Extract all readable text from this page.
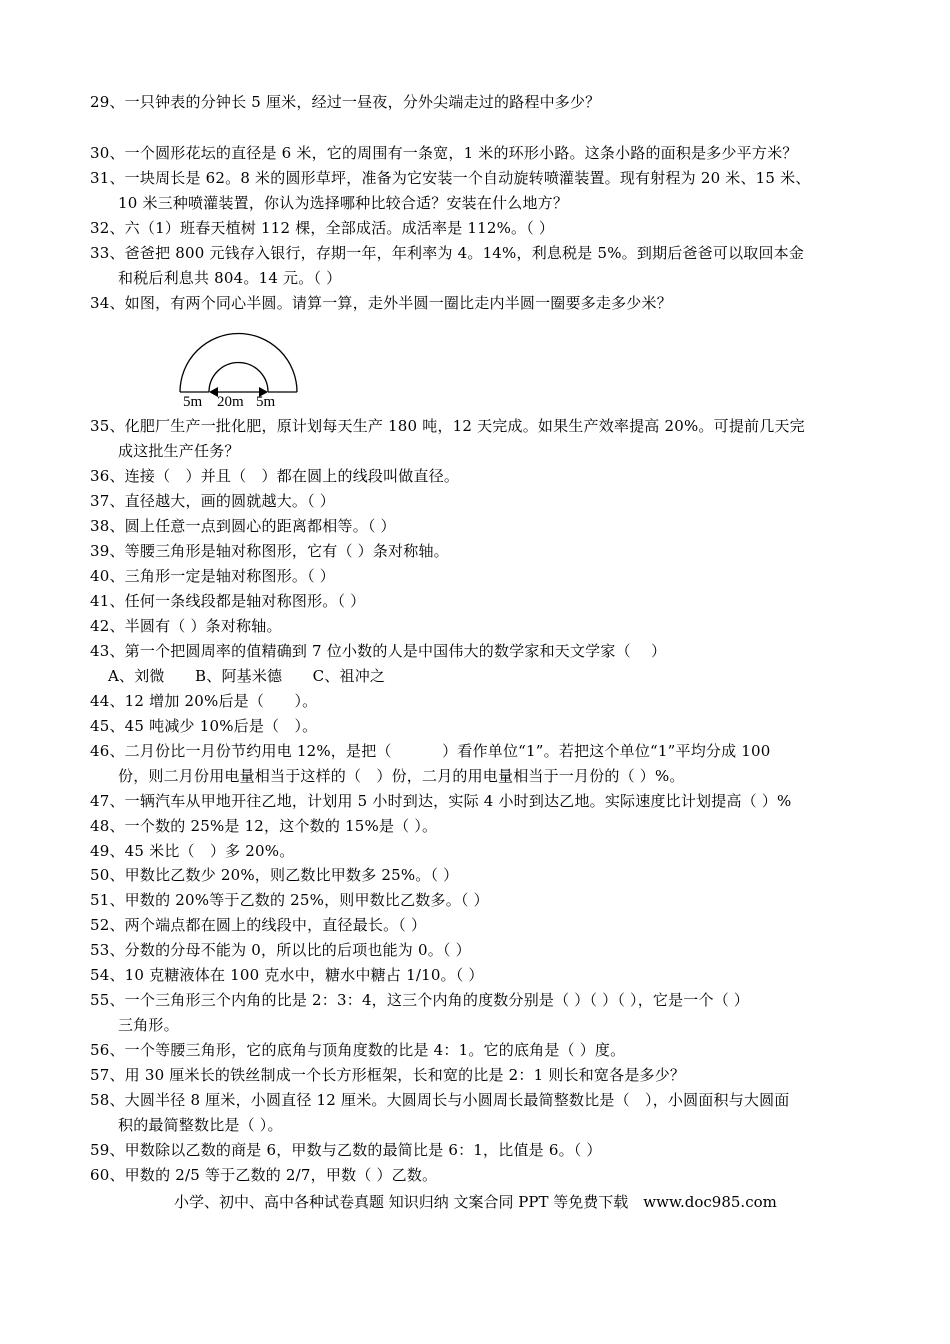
29、一只钟表的分钟长 5 厘米，经过一昼夜，分外尖端走过的路程中多少？
30、一个圆形花坛的直径是 6 米，它的周围有一条宽，1 米的环形小路。这条小路的面积是多少平方米？
31、一块周长是 62。8 米的圆形草坪，准备为它安装一个自动旋转喷灌装置。现有射程为 20 米、15 米、
10 米三种喷灌装置，你认为选择哪种比较合适？安装在什么地方？
32、六（1）班春天植树 112 棵，全部成活。成活率是 112%。（ ）
33、爸爸把 800 元钱存入银行，存期一年，年利率为 4。14%，利息税是 5%。到期后爸爸可以取回本金
和税后利息共 804。14 元。（ ）
34、如图，有两个同心半圆。请算一算，走外半圆一圈比走内半圆一圈要多走多少米？
5m 20m 5m
35、化肥厂生产一批化肥，原计划每天生产 180 吨，12 天完成。如果生产效率提高 20%。可提前几天完
成这批生产任务？
36、连接（　）并且（　）都在圆上的线段叫做直径。
37、直径越大，画的圆就越大。（ ）
38、圆上任意一点到圆心的距离都相等。（ ）
39、等腰三角形是轴对称图形，它有（ ）条对称轴。
40、三角形一定是轴对称图形。（ ）
41、任何一条线段都是轴对称图形。（ ）
42、半圆有（ ）条对称轴。
43、第一个把圆周率的值精确到 7 位小数的人是中国伟大的数学家和天文学家（　 ）
A、刘微　　B、阿基米德　　C、祖冲之
44、12 增加 20%后是（　　）。
45、45 吨减少 10%后是（　）。
46、二月份比一月份节约用电 12%，是把（　　　 ）看作单位“1”。若把这个单位“1”平均分成 100
份，则二月份用电量相当于这样的（　）份，二月的用电量相当于一月份的（ ）%。
47、一辆汽车从甲地开往乙地，计划用 5 小时到达，实际 4 小时到达乙地。实际速度比计划提高（ ）%
48、一个数的 25%是 12，这个数的 15%是（ ）。
49、45 米比（　）多 20%。
50、甲数比乙数少 20%，则乙数比甲数多 25%。（ ）
51、甲数的 20%等于乙数的 25%，则甲数比乙数多。（ ）
52、两个端点都在圆上的线段中，直径最长。（ ）
53、分数的分母不能为 0，所以比的后项也能为 0。（ ）
54、10 克糖液体在 100 克水中，糖水中糖占 1/10。（ ）
55、一个三角形三个内角的比是 2：3：4，这三个内角的度数分别是（ ）（ ）（ ），它是一个（ ）
三角形。
56、一个等腰三角形，它的底角与顶角度数的比是 4：1。它的底角是（ ）度。
57、用 30 厘米长的铁丝制成一个长方形框架，长和宽的比是 2：1 则长和宽各是多少？
58、大圆半径 8 厘米，小圆直径 12 厘米。大圆周长与小圆周长最简整数比是（　），小圆面积与大圆面
积的最简整数比是（ ）。
59、甲数除以乙数的商是 6，甲数与乙数的最简比是 6：1，比值是 6。（ ）
60、甲数的 2/5 等于乙数的 2/7，甲数（ ）乙数。
小学、初中、高中各种试卷真题 知识归纳 文案合同 PPT 等免费下载　www.doc985.com
